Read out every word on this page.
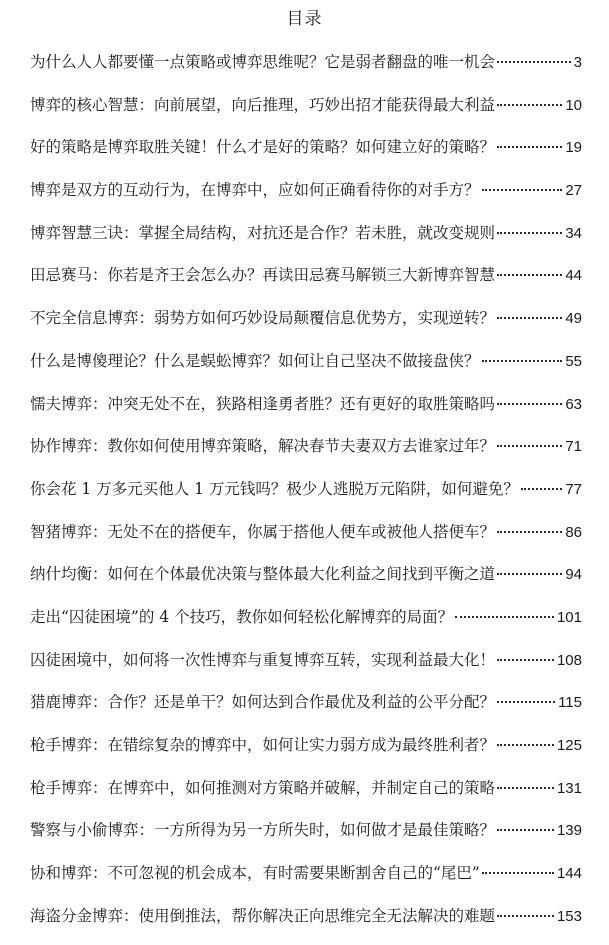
目录
为什么人人都要懂一点策略或博弈思维呢？它是弱者翻盘的唯一机会	3
博弈的核心智慧：向前展望，向后推理，巧妙出招才能获得最大利益	10
好的策略是博弈取胜关键！什么才是好的策略？如何建立好的策略？	19
博弈是双方的互动行为，在博弈中，应如何正确看待你的对手方？	27
博弈智慧三诀：掌握全局结构，对抗还是合作？若未胜，就改变规则	34
田忌赛马：你若是齐王会怎么办？再读田忌赛马解锁三大新博弈智慧	44
不完全信息博弈：弱势方如何巧妙设局颠覆信息优势方，实现逆转？	49
什么是博傻理论？什么是蜈蚣博弈？如何让自己坚决不做接盘侠？	55
懦夫博弈：冲突无处不在，狭路相逢勇者胜？还有更好的取胜策略吗	63
协作博弈：教你如何使用博弈策略，解决春节夫妻双方去谁家过年？	71
你会花 1 万多元买他人 1 万元钱吗？极少人逃脱万元陷阱，如何避免？	77
智猪博弈：无处不在的搭便车，你属于搭他人便车或被他人搭便车？	86
纳什均衡：如何在个体最优决策与整体最大化利益之间找到平衡之道	94
走出“囚徒困境”的 4 个技巧，教你如何轻松化解博弈的局面？	101
囚徒困境中，如何将一次性博弈与重复博弈互转，实现利益最大化！	108
猎鹿博弈：合作？还是单干？如何达到合作最优及利益的公平分配？	115
枪手博弈：在错综复杂的博弈中，如何让实力弱方成为最终胜利者？	125
枪手博弈：在博弈中，如何推测对方策略并破解，并制定自己的策略	131
警察与小偷博弈：一方所得为另一方所失时，如何做才是最佳策略？	139
协和博弈：不可忽视的机会成本，有时需要果断割舍自己的“尾巴”	144
海盗分金博弈：使用倒推法，帮你解决正向思维完全无法解决的难题	153
